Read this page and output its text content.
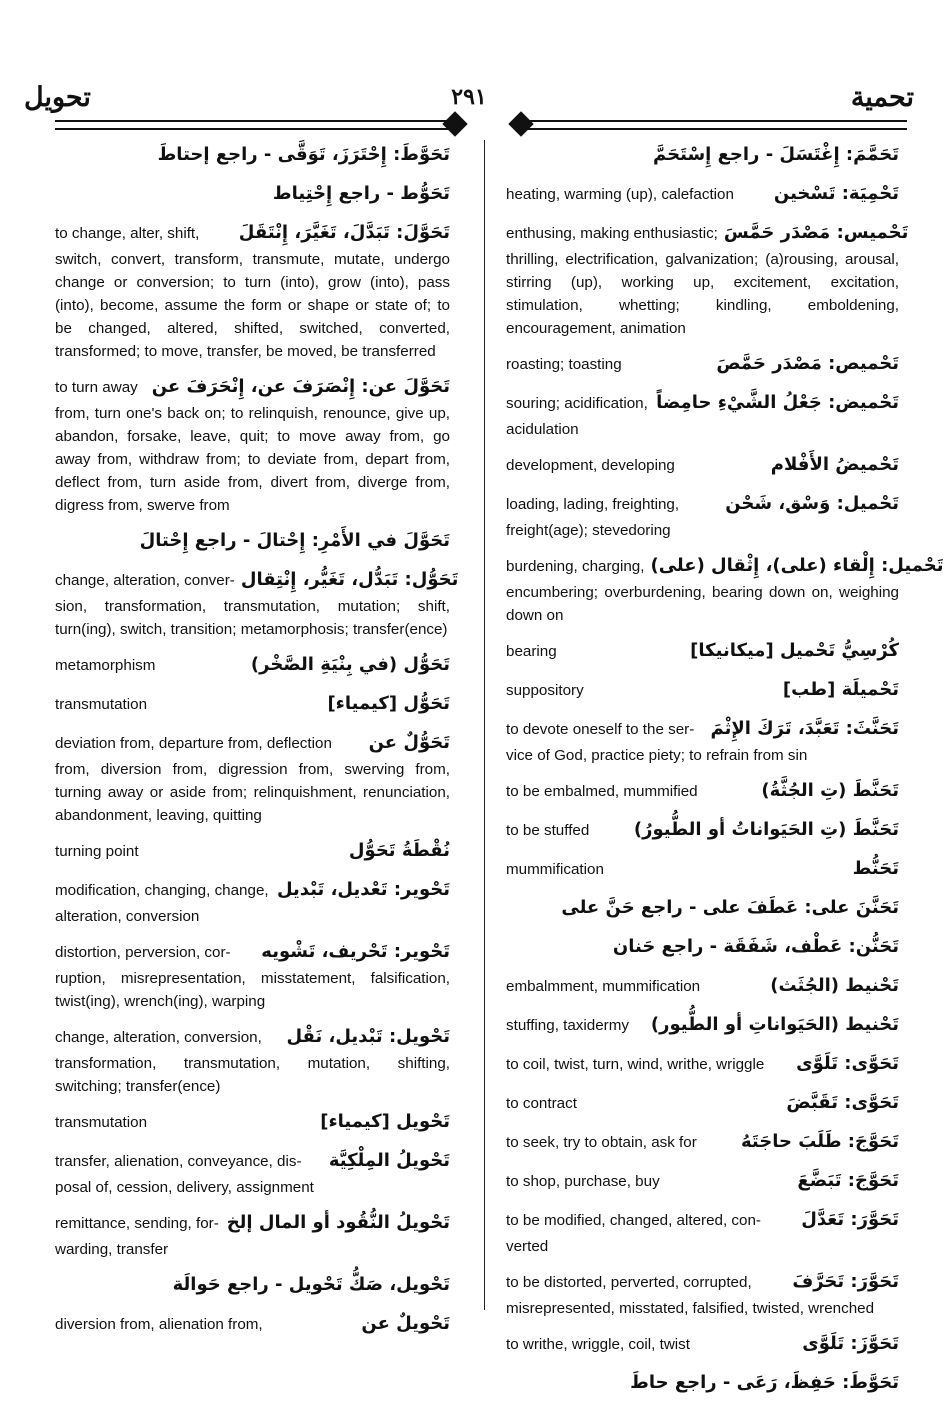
تحويل	٢٩١	تحمية
تَحَوَّطَ: إِحْتَرَزَ، تَوَقَّى - راجع إحتاطَ
تَحَوُّط - راجع إِحْتِياط
to change, alter, shift,	تَحَوَّلَ: تَبَدَّلَ، تَغَيَّرَ، إِنْتَقَلَ
switch, convert, transform, transmute, mutate, undergo change or conversion; to turn (into), grow (into), pass (into), become, assume the form or shape or state of; to be changed, altered, shifted, switched, converted, transformed; to move, transfer, be moved, be transferred
to turn away تَحَوَّلَ عن: إِنْصَرَفَ عن، إِنْحَرَفَ عن
from, turn one's back on; to relinquish, renounce, give up, abandon, forsake, leave, quit; to move away from, go away from, withdraw from; to deviate from, depart from, deflect from, turn aside from, divert from, diverge from, digress from, swerve from
تَحَوَّلَ في الأَمْرِ: إِحْتالَ - راجع إِحْتالَ
change, alteration, conver- تَحَوُّل: تَبَدُّل، تَغَيُّر، إِنْتِقال
sion, transformation, transmutation, mutation; shift, turn(ing), switch, transition; metamorphosis; transfer(ence)
metamorphism	تَحَوُّل (في بِنْيَةِ الصَّخْر)
transmutation	تَحَوُّل [كيمياء]
deviation from, departure from, deflection	تَحَوُّلٌ عن
from, diversion from, digression from, swerving from, turning away or aside from; relinquishment, renunciation, abandonment, leaving, quitting
turning point	نُقْطَةُ تَحَوُّل
modification, changing, change, تَحْوير: تَعْديل، تَبْديل
alteration, conversion
distortion, perversion, cor-	تَحْوير: تَحْريف، تَشْويه
ruption, misrepresentation, misstatement, falsification, twist(ing), wrench(ing), warping
change, alteration, conversion,	تَحْويل: تَبْديل، نَقْل
transformation, transmutation, mutation, shifting, switching; transfer(ence)
transmutation	تَحْويل [كيمياء]
transfer, alienation, conveyance, dis-	تَحْويلُ المِلْكِيَّة
posal of, cession, delivery, assignment
remittance, sending, for- تَحْويلُ النُّقُود أو المال إلخ
warding, transfer
تَحْويل، صَكُّ تَحْويل - راجع حَوالَة
diversion from, alienation from,	تَحْويلٌ عن
تَحَمَّمَ: إِغْتَسَلَ - راجع إِسْتَحَمَّ
heating, warming (up), calefaction	تَحْمِيَة: تَسْخين
enthusing, making enthusiastic; تَحْميس: مَصْدَر حَمَّسَ
thrilling, electrification, galvanization; (a)rousing, arousal, stirring (up), working up, excitement, excitation, stimulation, whetting; kindling, emboldening, encouragement, animation
roasting; toasting	تَحْميص: مَصْدَر حَمَّصَ
souring; acidification, تَحْميض: جَعْلُ الشَّيْءِ حامِضاً
acidulation
development, developing	تَحْميضُ الأَفْلام
loading, lading, freighting,	تَحْميل: وَسْق، شَحْن
freight(age); stevedoring
burdening, charging, تَحْميل: إِلْقاء (على)، إِثْقال (على)
encumbering; overburdening, bearing down on, weighing down on
bearing	كُرْسِيُّ تَحْميل [ميكانيكا]
suppository	تَحْميلَة [طب]
to devote oneself to the ser- تَحَنَّثَ: تَعَبَّدَ، تَرَكَ الإِثْمَ
vice of God, practice piety; to refrain from sin
to be embalmed, mummified	تَحَنَّطَ (تِ الجُثَّةُ)
to be stuffed	تَحَنَّطَ (تِ الحَيَواناتُ أو الطُّيورُ)
mummification	تَحَنُّط
تَحَنَّنَ على: عَطَفَ على - راجع حَنَّ على
تَحَنُّن: عَطْف، شَفَقَة - راجع حَنان
embalmment, mummification	تَحْنيط (الجُثَث)
stuffing, taxidermy	تَحْنيط (الحَيَواناتِ أو الطُّيور)
to coil, twist, turn, wind, writhe, wriggle	تَحَوَّى: تَلَوَّى
to contract	تَحَوَّى: تَقَبَّضَ
to seek, try to obtain, ask for	تَحَوَّجَ: طَلَبَ حاجَتَهُ
to shop, purchase, buy	تَحَوَّجَ: تَبَضَّعَ
to be modified, changed, altered, con-	تَحَوَّرَ: تَعَدَّلَ
verted
to be distorted, perverted, corrupted,	تَحَوَّرَ: تَحَرَّفَ
misrepresented, misstated, falsified, twisted, wrenched
to writhe, wriggle, coil, twist	تَحَوَّزَ: تَلَوَّى
تَحَوَّطَ: حَفِظَ، رَعَى - راجع حاطَ
